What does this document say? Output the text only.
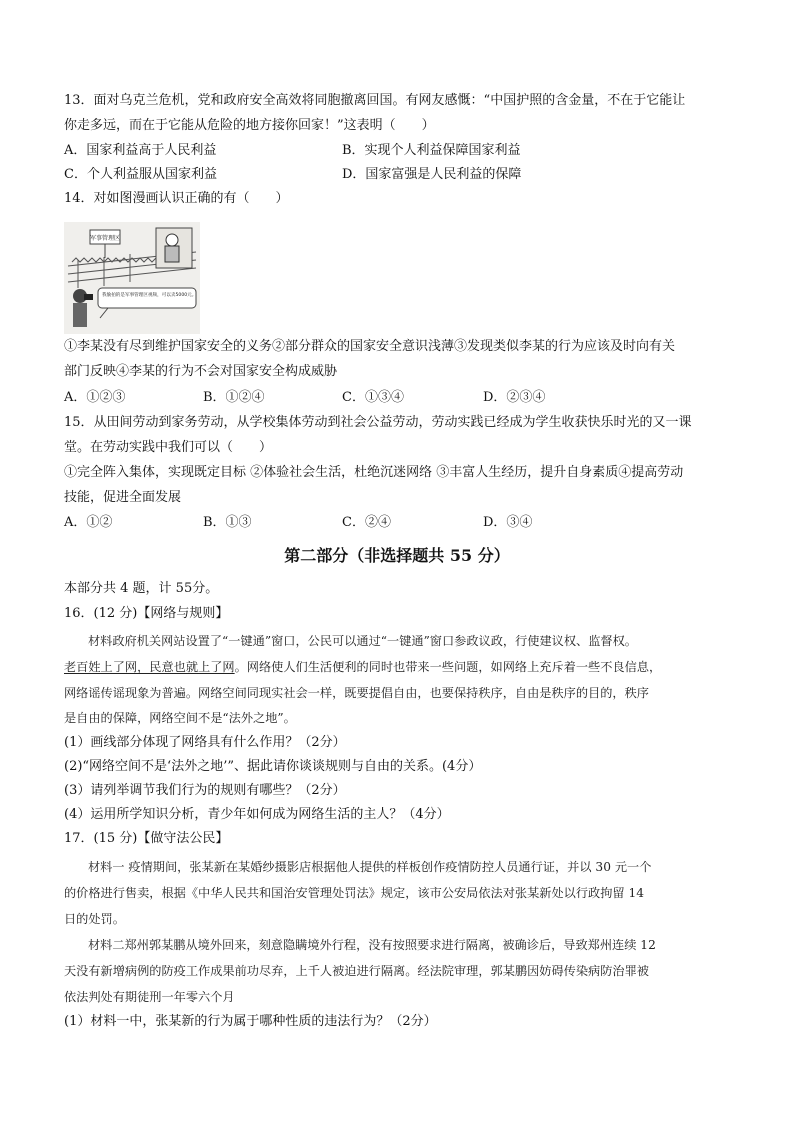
13．面对乌克兰危机，党和政府安全高效将同胞撤离回国。有网友感慨：“中国护照的含金量，不在于它能让
你走多远，而在于它能从危险的地方接你回家！”这表明（　　）
A．国家利益高于人民利益	B．实现个人利益保障国家利益
C．个人利益服从国家利益	D．国家富强是人民利益的保障
14．对如图漫画认识正确的有（　　）
军事管理区
我偷拍的是军事管理区视频，可以卖5000元。
①李某没有尽到维护国家安全的义务②部分群众的国家安全意识浅薄③发现类似李某的行为应该及时向有关
部门反映④李某的行为不会对国家安全构成威胁
A．①②③	B．①②④	C．①③④	D．②③④
15．从田间劳动到家务劳动，从学校集体劳动到社会公益劳动，劳动实践已经成为学生收获快乐时光的又一课
堂。在劳动实践中我们可以（　　）
①完全阵入集体，实现既定目标 ②体验社会生活，杜绝沉迷网络 ③丰富人生经历，提升自身素质④提高劳动
技能，促进全面发展
A．①②	B．①③	C．②④	D．③④
第二部分（非选择题共 55 分）
本部分共 4 题，计 55分。
16．(12 分)【网络与规则】
材料政府机关网站设置了“一键通”窗口，公民可以通过“一键通”窗口参政议政，行使建议权、监督权。
老百姓上了网，民意也就上了网。网络使人们生活便利的同时也带来一些问题，如网络上充斥着一些不良信息，
网络谣传谣现象为普遍。网络空间同现实社会一样，既要提倡自由，也要保持秩序，自由是秩序的目的，秩序
是自由的保障，网络空间不是“法外之地”。
(1）画线部分体现了网络具有什么作用？（2分）
(2)“网络空间不是‘法外之地’”、据此请你谈谈规则与自由的关系。(4分）
(3）请列举调节我们行为的规则有哪些？（2分）
(4）运用所学知识分析，青少年如何成为网络生活的主人？（4分）
17．(15 分)【做守法公民】
材料一 疫情期间，张某新在某婚纱摄影店根据他人提供的样板创作疫情防控人员通行证，并以 30 元一个
的价格进行售卖，根据《中华人民共和国治安管理处罚法》规定，该市公安局依法对张某新处以行政拘留 14
日的处罚。
材料二郑州郭某鹏从境外回来，刻意隐瞒境外行程，没有按照要求进行隔离，被确诊后，导致郑州连续 12
天没有新增病例的防疫工作成果前功尽弃，上千人被迫进行隔离。经法院审理，郭某鹏因妨碍传染病防治罪被
依法判处有期徒刑一年零六个月
(1）材料一中，张某新的行为属于哪种性质的违法行为？（2分）
